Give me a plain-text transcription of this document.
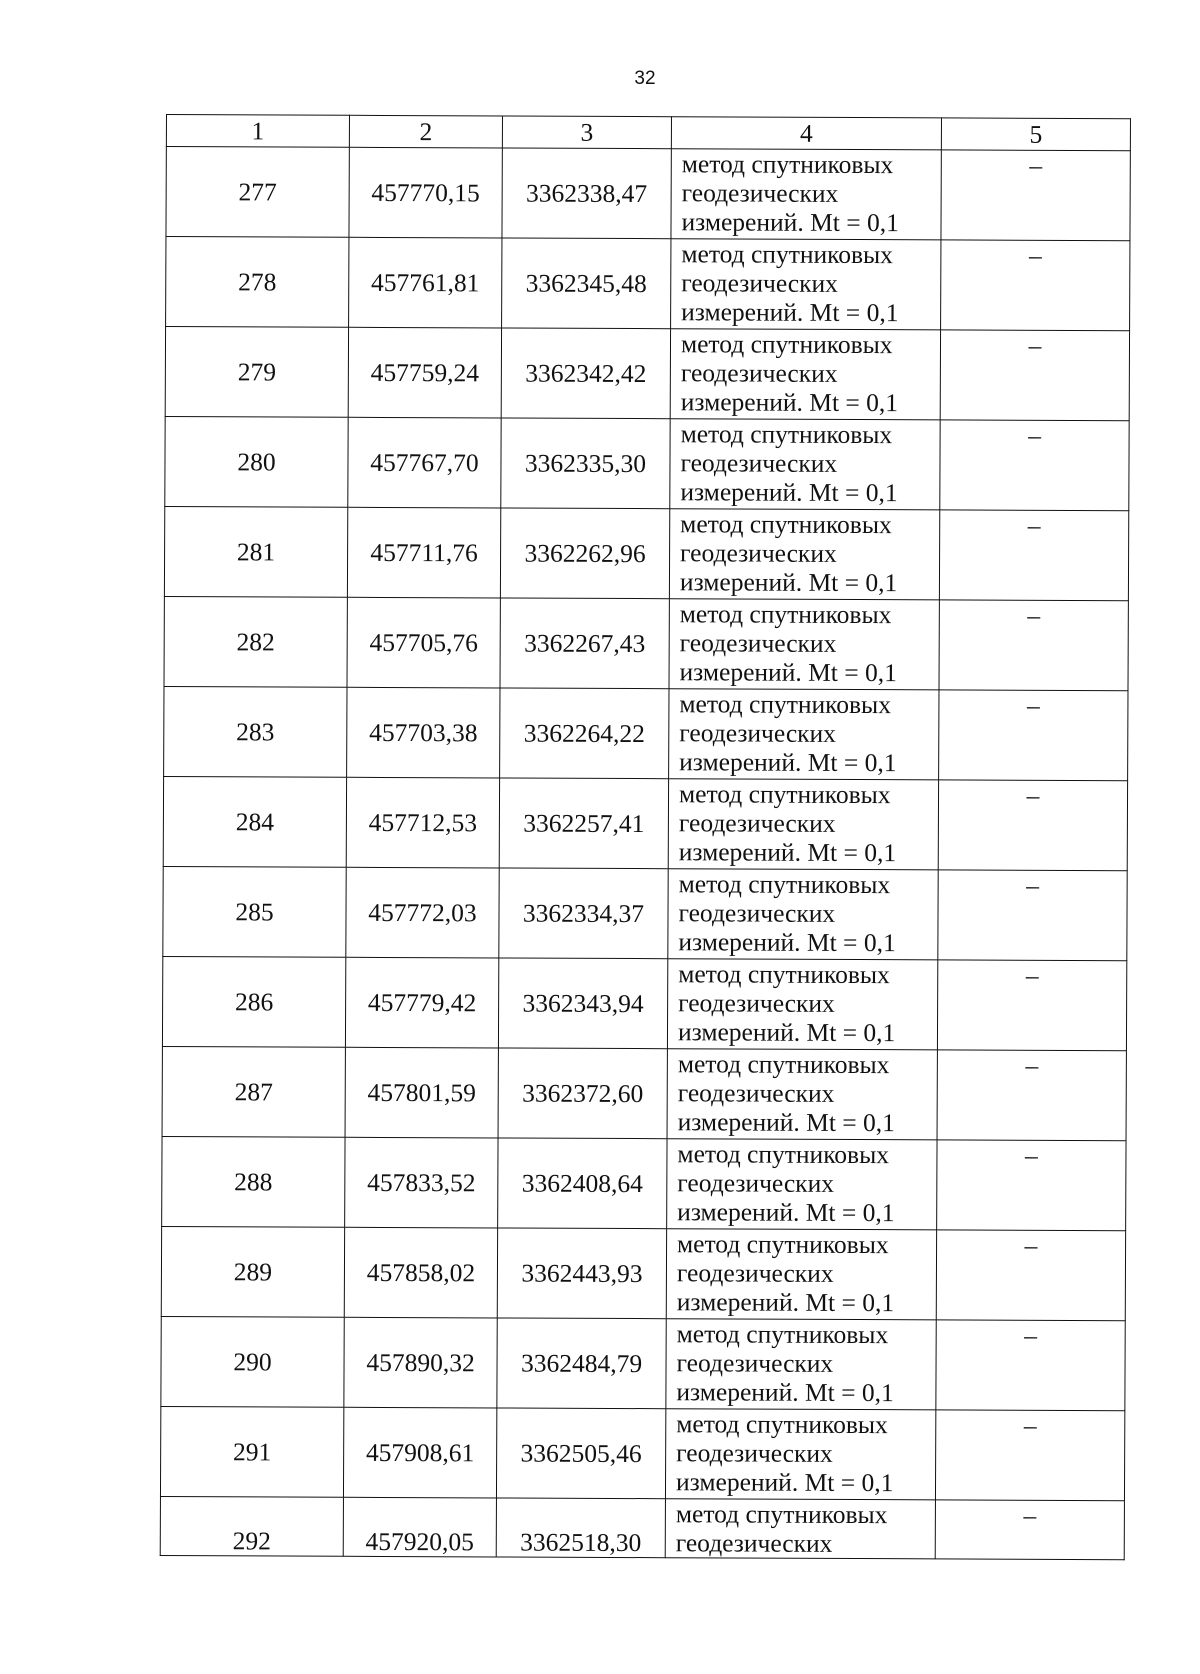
32
1	2	3	4	5
277	457770,15	3362338,47	метод спутниковых
геодезических
измерений. Mt = 0,1	–
278	457761,81	3362345,48	метод спутниковых
геодезических
измерений. Mt = 0,1	–
279	457759,24	3362342,42	метод спутниковых
геодезических
измерений. Mt = 0,1	–
280	457767,70	3362335,30	метод спутниковых
геодезических
измерений. Mt = 0,1	–
281	457711,76	3362262,96	метод спутниковых
геодезических
измерений. Mt = 0,1	–
282	457705,76	3362267,43	метод спутниковых
геодезических
измерений. Mt = 0,1	–
283	457703,38	3362264,22	метод спутниковых
геодезических
измерений. Mt = 0,1	–
284	457712,53	3362257,41	метод спутниковых
геодезических
измерений. Mt = 0,1	–
285	457772,03	3362334,37	метод спутниковых
геодезических
измерений. Mt = 0,1	–
286	457779,42	3362343,94	метод спутниковых
геодезических
измерений. Mt = 0,1	–
287	457801,59	3362372,60	метод спутниковых
геодезических
измерений. Mt = 0,1	–
288	457833,52	3362408,64	метод спутниковых
геодезических
измерений. Mt = 0,1	–
289	457858,02	3362443,93	метод спутниковых
геодезических
измерений. Mt = 0,1	–
290	457890,32	3362484,79	метод спутниковых
геодезических
измерений. Mt = 0,1	–
291	457908,61	3362505,46	метод спутниковых
геодезических
измерений. Mt = 0,1	–
292	457920,05	3362518,30	метод спутниковых
геодезических	–
